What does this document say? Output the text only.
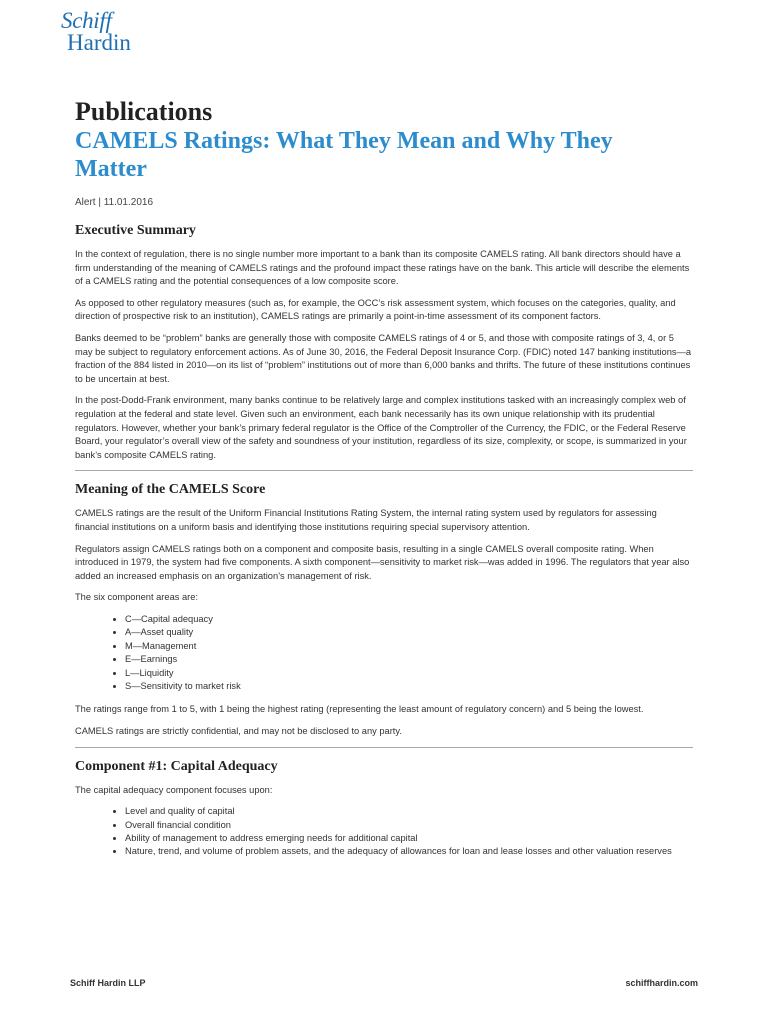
Schiff
Hardin
Publications
CAMELS Ratings: What They Mean and Why They Matter
Alert | 11.01.2016
Executive Summary

In the context of regulation, there is no single number more important to a bank than its composite CAMELS rating. All bank directors should have a firm understanding of the meaning of CAMELS ratings and the profound impact these ratings have on the bank. This article will describe the elements of a CAMELS rating and the potential consequences of a low composite score.

As opposed to other regulatory measures (such as, for example, the OCC’s risk assessment system, which focuses on the categories, quality, and direction of prospective risk to an institution), CAMELS ratings are primarily a point-in-time assessment of its component factors.

Banks deemed to be “problem” banks are generally those with composite CAMELS ratings of 4 or 5, and those with composite ratings of 3, 4, or 5 may be subject to regulatory enforcement actions. As of June 30, 2016, the Federal Deposit Insurance Corp. (FDIC) noted 147 banking institutions—a fraction of the 884 listed in 2010—on its list of “problem” institutions out of more than 6,000 banks and thrifts. The future of these institutions continues to be uncertain at best.

In the post-Dodd-Frank environment, many banks continue to be relatively large and complex institutions tasked with an increasingly complex web of regulation at the federal and state level. Given such an environment, each bank necessarily has its own unique relationship with its prudential regulators. However, whether your bank’s primary federal regulator is the Office of the Comptroller of the Currency, the FDIC, or the Federal Reserve Board, your regulator’s overall view of the safety and soundness of your institution, regardless of its size, complexity, or scope, is summarized in your bank’s composite CAMELS rating.

Meaning of the CAMELS Score

CAMELS ratings are the result of the Uniform Financial Institutions Rating System, the internal rating system used by regulators for assessing financial institutions on a uniform basis and identifying those institutions requiring special supervisory attention.

Regulators assign CAMELS ratings both on a component and composite basis, resulting in a single CAMELS overall composite rating. When introduced in 1979, the system had five components. A sixth component—sensitivity to market risk—was added in 1996. The regulators that year also added an increased emphasis on an organization’s management of risk.

The six component areas are:

• C—Capital adequacy
• A—Asset quality
• M—Management
• E—Earnings
• L—Liquidity
• S—Sensitivity to market risk

The ratings range from 1 to 5, with 1 being the highest rating (representing the least amount of regulatory concern) and 5 being the lowest.

CAMELS ratings are strictly confidential, and may not be disclosed to any party.

Component #1: Capital Adequacy

The capital adequacy component focuses upon:

• Level and quality of capital
• Overall financial condition
• Ability of management to address emerging needs for additional capital
• Nature, trend, and volume of problem assets, and the adequacy of allowances for loan and lease losses and other valuation reserves
Schiff Hardin LLP	schiffhardin.com
